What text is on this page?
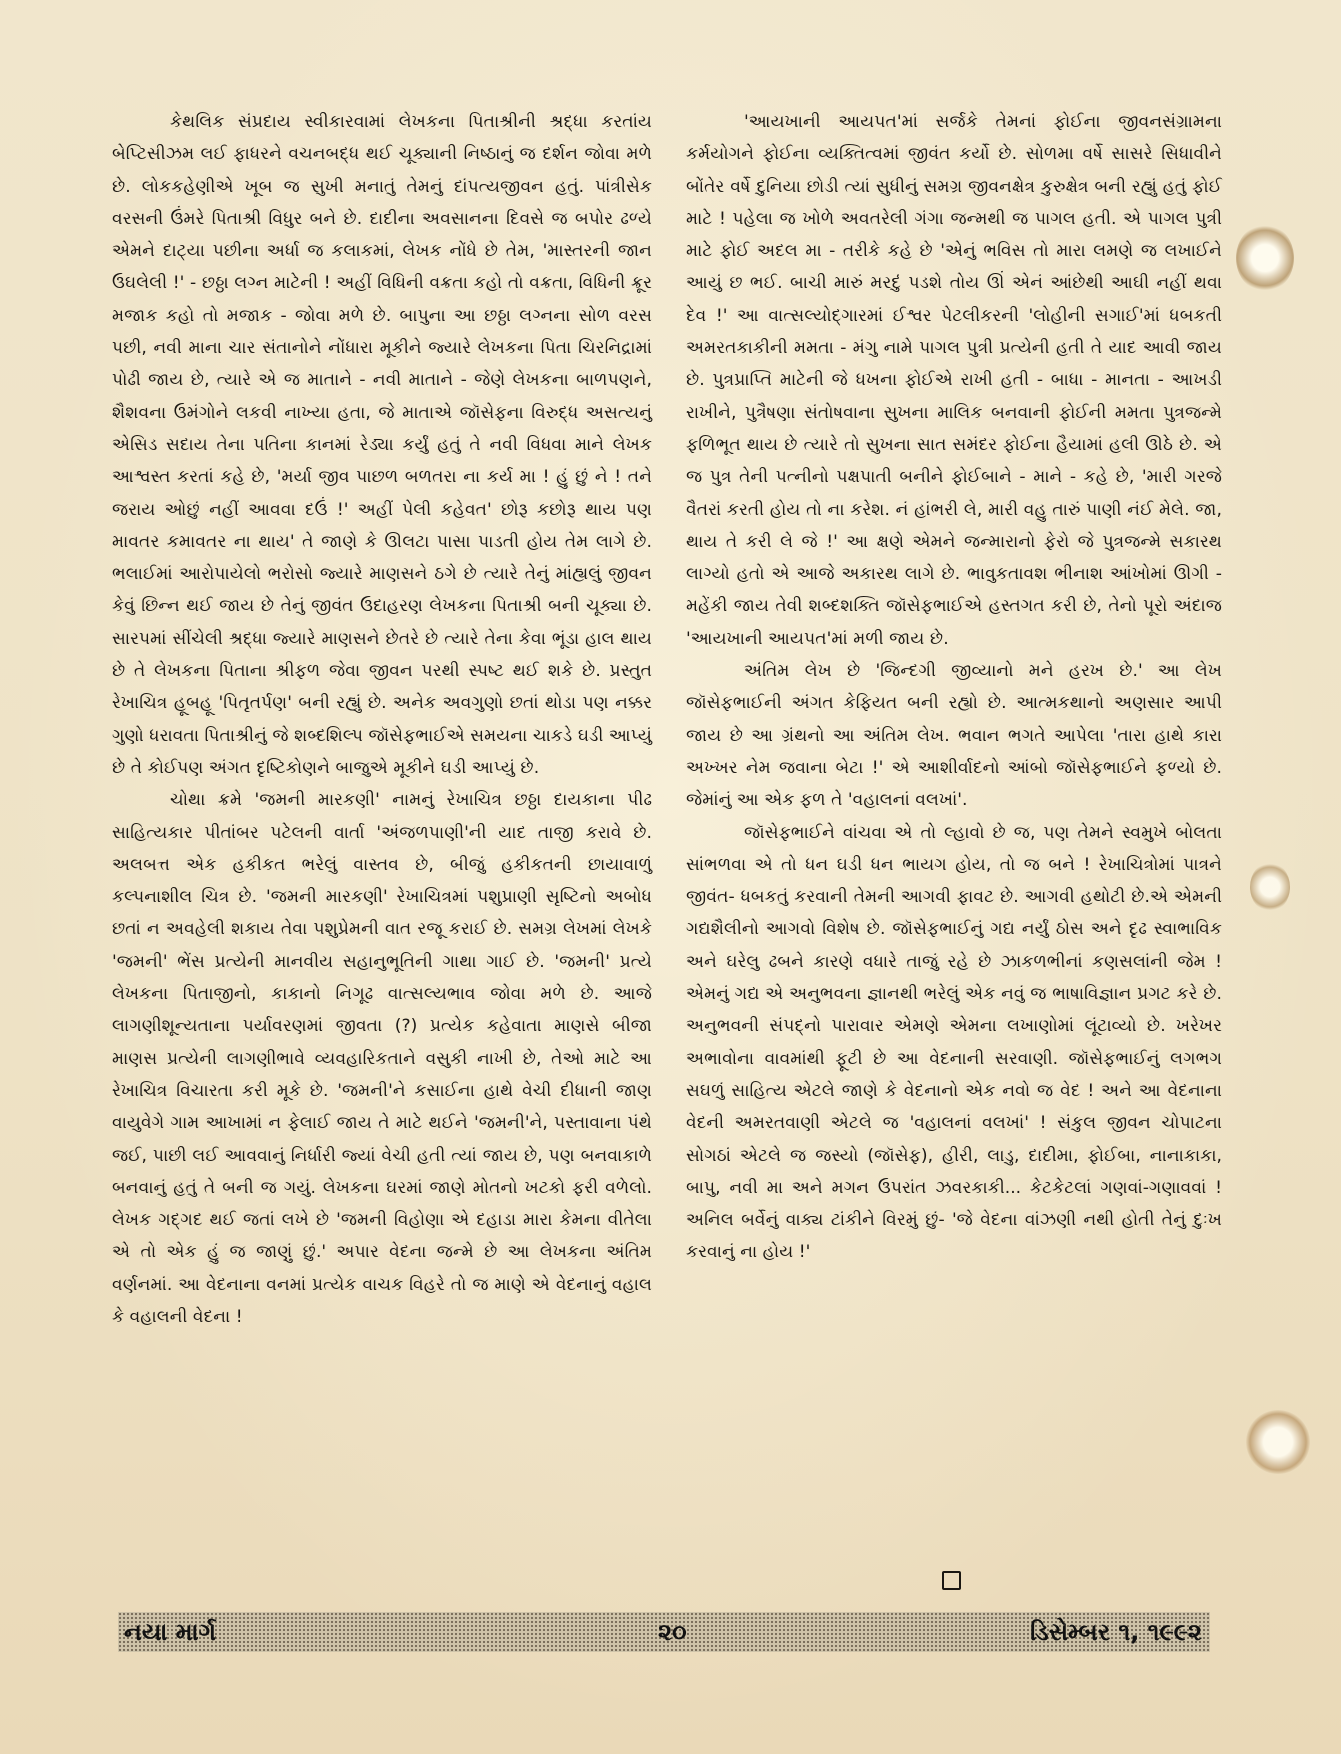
કેથલિક સંપ્રદાય સ્વીકારવામાં લેખકના પિતાશ્રીની શ્રદ્ધા કરતાંય બેપ્ટિસીઝમ લઈ ફાધરને વચનબદ્ધ થઈ ચૂક્યાની નિષ્ઠાનું જ દર્શન જોવા મળે છે. લોકકહેણીએ ખૂબ જ સુખી મનાતું તેમનું દાંપત્યજીવન હતું. પાંત્રીસેક વરસની ઉંમરે પિતાશ્રી વિધુર બને છે. દાદીના અવસાનના દિવસે જ બપોર ઢળ્યે એમને દાટ્યા પછીના અર્ધા જ કલાકમાં, લેખક નોંધે છે તેમ, 'માસ્તરની જાન ઉઘલેલી !' - છઠ્ઠા લગ્ન માટેની ! અહીં વિધિની વક્રતા કહો તો વક્રતા, વિધિની ક્રૂર મજાક કહો તો મજાક - જોવા મળે છે. બાપુના આ છઠ્ઠા લગ્નના સોળ વરસ પછી, નવી માના ચાર સંતાનોને નોંધારા મૂકીને જ્યારે લેખકના પિતા ચિરનિદ્રામાં પોઢી જાય છે, ત્યારે એ જ માતાને - નવી માતાને - જેણે લેખકના બાળપણને, શૈશવના ઉમંગોને લકવી નાખ્યા હતા, જે માતાએ જૉસેફના વિરુદ્ધ અસત્યનું એસિડ સદાય તેના પતિના કાનમાં રેડ્યા કર્યું હતું તે નવી વિધવા માને લેખક આશ્વસ્ત કરતાં કહે છે, 'મર્યા જીવ પાછળ બળતરા ના કર્ય મા ! હું છું ને ! તને જરાય ઓછું નહીં આવવા દઉં !' અહીં પેલી કહેવત' છોરૂ કછોરૂ થાય પણ માવતર કમાવતર ના થાય' તે જાણે કે ઊલટા પાસા પાડતી હોય તેમ લાગે છે. ભલાઈમાં આરોપાયેલો ભરોસો જ્યારે માણસને ઠગે છે ત્યારે તેનું માંહ્યલું જીવન કેવું છિન્ન થઈ જાય છે તેનું જીવંત ઉદાહરણ લેખકના પિતાશ્રી બની ચૂક્યા છે. સારપમાં સીંચેલી શ્રદ્ધા જ્યારે માણસને છેતરે છે ત્યારે તેના કેવા ભૂંડા હાલ થાય છે તે લેખકના પિતાના શ્રીફળ જેવા જીવન પરથી સ્પષ્ટ થઈ શકે છે. પ્રસ્તુત રેખાચિત્ર હૂબહૂ 'પિતૃતર્પણ' બની રહ્યું છે. અનેક અવગુણો છતાં થોડા પણ નક્કર ગુણો ધરાવતા પિતાશ્રીનું જે શબ્દશિલ્પ જૉસેફભાઈએ સમયના ચાકડે ઘડી આપ્યું છે તે કોઈપણ અંગત દૃષ્ટિકોણને બાજુએ મૂકીને ઘડી આપ્યું છે.

ચોથા ક્રમે 'જમની મારકણી' નામનું રેખાચિત્ર છઠ્ઠા દાયકાના પીઢ સાહિત્યકાર પીતાંબર પટેલની વાર્તા 'અંજળપાણી'ની યાદ તાજી કરાવે છે. અલબત્ત એક હકીકત ભરેલું વાસ્તવ છે, બીજું હકીકતની છાયાવાળું કલ્પનાશીલ ચિત્ર છે. 'જમની મારકણી' રેખાચિત્રમાં પશુપ્રાણી સૃષ્ટિનો અબોધ છતાં ન અવહેલી શકાય તેવા પશુપ્રેમની વાત રજૂ કરાઈ છે. સમગ્ર લેખમાં લેખકે 'જમની' ભેંસ પ્રત્યેની માનવીય સહાનુભૂતિની ગાથા ગાઈ છે. 'જમની' પ્રત્યે લેખકના પિતાજીનો, કાકાનો નિગૂઢ વાત્સલ્યભાવ જોવા મળે છે. આજે લાગણીશૂન્યતાના પર્યાવરણમાં જીવતા (?) પ્રત્યેક કહેવાતા માણસે બીજા માણસ પ્રત્યેની લાગણીભાવે વ્યવહારિકતાને વસુકી નાખી છે, તેઓ માટે આ રેખાચિત્ર વિચારતા કરી મૂકે છે. 'જમની'ને કસાઈના હાથે વેચી દીધાની જાણ વાયુવેગે ગામ આખામાં ન ફેલાઈ જાય તે માટે થઈને 'જમની'ને, પસ્તાવાના પંથે જઈ, પાછી લઈ આવવાનું નિર્ધારી જ્યાં વેચી હતી ત્યાં જાય છે, પણ બનવાકાળે બનવાનું હતું તે બની જ ગયું. લેખકના ઘરમાં જાણે મોતનો ખટકો ફરી વળેલો. લેખક ગદ્ગદ થઈ જતાં લખે છે 'જમની વિહોણા એ દહાડા મારા કેમના વીતેલા એ તો એક હું જ જાણું છું.' અપાર વેદના જન્મે છે આ લેખકના અંતિમ વર્ણનમાં. આ વેદનાના વનમાં પ્રત્યેક વાચક વિહરે તો જ માણે એ વેદનાનું વહાલ કે વહાલની વેદના !

'આયખાની આયપત'માં સર્જકે તેમનાં ફોઈના જીવનસંગ્રામના કર્મયોગને ફોઈના વ્યક્તિત્વમાં જીવંત કર્યો છે. સોળમા વર્ષે સાસરે સિધાવીને બોંતેર વર્ષે દુનિયા છોડી ત્યાં સુધીનું સમગ્ર જીવનક્ષેત્ર કુરુક્ષેત્ર બની રહ્યું હતું ફોઈ માટે ! પહેલા જ ખોળે અવતરેલી ગંગા જન્મથી જ પાગલ હતી. એ પાગલ પુત્રી માટે ફોઈ અદલ મા - તરીકે કહે છે 'એનું ભવિસ તો મારા લમણે જ લખાઈને આયું છ ભઈ. બાચી મારું મરદું પડશે તોય ઊં એનં આંછેથી આઘી નહીં થવા દેવ !' આ વાત્સલ્યોદ્ગારમાં ઈશ્વર પેટલીકરની 'લોહીની સગાઈ'માં ધબકતી અમરતકાકીની મમતા - મંગુ નામે પાગલ પુત્રી પ્રત્યેની હતી તે યાદ આવી જાય છે. પુત્રપ્રાપ્તિ માટેની જે ધખના ફોઈએ રાખી હતી - બાધા - માનતા - આખડી રાખીને, પુત્રૈષણા સંતોષવાના સુખના માલિક બનવાની ફોઈની મમતા પુત્રજન્મે ફળિભૂત થાય છે ત્યારે તો સુખના સાત સમંદર ફોઈના હૈયામાં હલી ઊઠે છે. એ જ પુત્ર તેની પત્નીનો પક્ષપાતી બનીને ફોઈબાને - માને - કહે છે, 'મારી ગરજે વૈતરાં કરતી હોય તો ના કરેશ. નં હાંભરી લે, મારી વહુ તારું પાણી નંઈ મેલે. જા, થાય તે કરી લે જે !' આ ક્ષણે એમને જન્મારાનો ફેરો જે પુત્રજન્મે સકારથ લાગ્યો હતો એ આજે અકારથ લાગે છે. ભાવુકતાવશ ભીનાશ આંખોમાં ઊગી - મહેંકી જાય તેવી શબ્દશક્તિ જૉસેફભાઈએ હસ્તગત કરી છે, તેનો પૂરો અંદાજ 'આયખાની આયપત'માં મળી જાય છે.

અંતિમ લેખ છે 'જિન્દગી જીવ્યાનો મને હરખ છે.' આ લેખ જૉસેફભાઈની અંગત કેફિયત બની રહ્યો છે. આત્મકથાનો અણસાર આપી જાય છે આ ગ્રંથનો આ અંતિમ લેખ. ભવાન ભગતે આપેલા 'તારા હાથે કારા અખ્ખર નેમ જવાના બેટા !' એ આશીર્વાદનો આંબો જૉસેફભાઈને ફળ્યો છે. જેમાંનું આ એક ફળ તે 'વહાલનાં વલખાં'.

જૉસેફભાઈને વાંચવા એ તો લ્હાવો છે જ, પણ તેમને સ્વમુખે બોલતા સાંભળવા એ તો ધન ઘડી ધન ભાયગ હોય, તો જ બને ! રેખાચિત્રોમાં પાત્રને જીવંત- ધબકતું કરવાની તેમની આગવી ફાવટ છે. આગવી હથોટી છે.એ એમની ગદ્યશૈલીનો આગવો વિશેષ છે. જૉસેફભાઈનું ગદ્ય નર્યું ઠોસ અને દૃઢ સ્વાભાવિક અને ઘરેલુ ઢબને કારણે વધારે તાજું રહે છે ઝાકળભીનાં કણસલાંની જેમ ! એમનું ગદ્ય એ અનુભવના જ્ઞાનથી ભરેલું એક નવું જ ભાષાવિજ્ઞાન પ્રગટ કરે છે. અનુભવની સંપદ્નો પારાવાર એમણે એમના લખાણોમાં લૂંટાવ્યો છે. ખરેખર અભાવોના વાવમાંથી ફૂટી છે આ વેદનાની સરવાણી. જૉસેફભાઈનું લગભગ સઘળું સાહિત્ય એટલે જાણે કે વેદનાનો એક નવો જ વેદ ! અને આ વેદનાના વેદની અમરતવાણી એટલે જ 'વહાલનાં વલખાં' ! સંકુલ જીવન ચોપાટના સોગઠાં એટલે જ જસ્યો (જૉસેફ), હીરી, લાડુ, દાદીમા, ફોઈબા, નાનાકાકા, બાપુ, નવી મા અને મગન ઉપરાંત ઝવરકાકી... કેટકેટલાં ગણવાં-ગણાવવાં ! અનિલ બર્વેનું વાક્ય ટાંકીને વિરમું છું- 'જે વેદના વાંઝણી નથી હોતી તેનું દુઃખ કરવાનું ના હોય !'

નયા માર્ગ	૨૦	ડિસેમ્બર ૧, ૧૯૯૨
